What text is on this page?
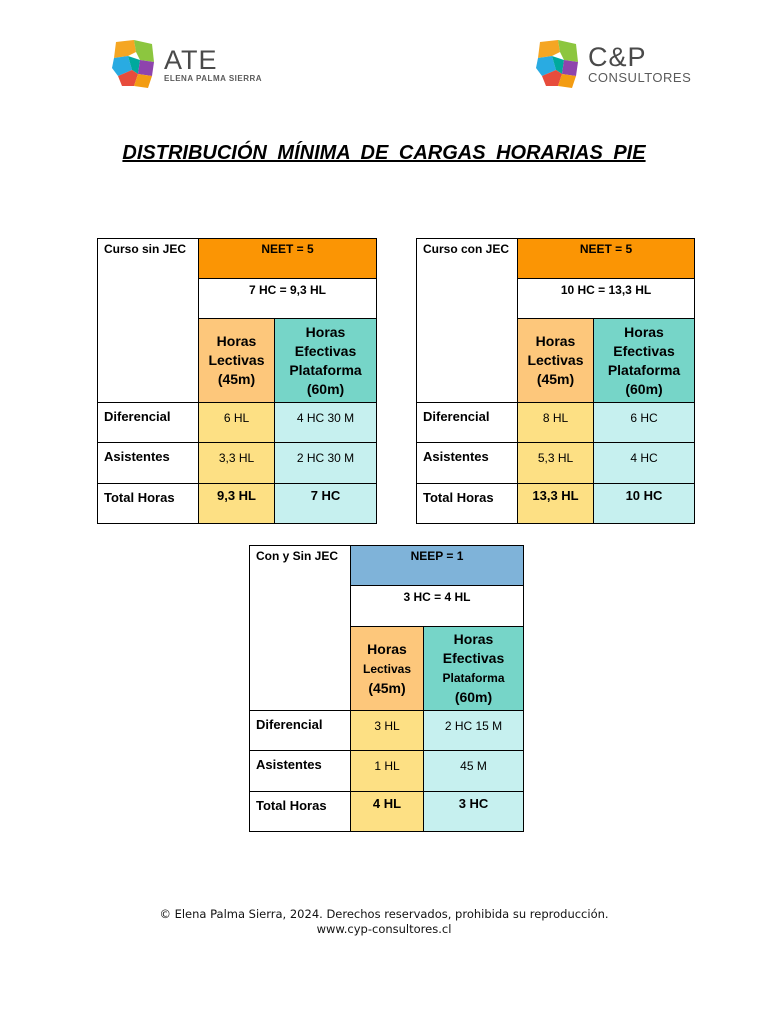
ATE
ELENA PALMA SIERRA
C&P
CONSULTORES
DISTRIBUCIÓN MÍNIMA DE CARGAS HORARIAS PIE
Curso sin JEC	NEET = 5	
	7 HC = 9,3 HL	
	Horas
Lectivas
(45m)	Horas
Efectivas
Plataforma
(60m)
Diferencial	6 HL	4 HC 30 M
Asistentes	3,3 HL	2 HC 30 M
Total Horas	9,3 HL	7 HC
Curso con JEC	NEET = 5	
	10 HC = 13,3 HL	
	Horas
Lectivas
(45m)	Horas
Efectivas
Plataforma
(60m)
Diferencial	8 HL	6 HC
Asistentes	5,3 HL	4 HC
Total Horas	13,3 HL	10 HC
Con y Sin JEC	NEEP = 1	
	3 HC = 4 HL	
	Horas
Lectivas
(45m)	Horas
Efectivas
Plataforma
(60m)
Diferencial	3 HL	2 HC 15 M
Asistentes	1 HL	45 M
Total Horas	4 HL	3 HC
© Elena Palma Sierra, 2024. Derechos reservados, prohibida su reproducción.
www.cyp-consultores.cl
